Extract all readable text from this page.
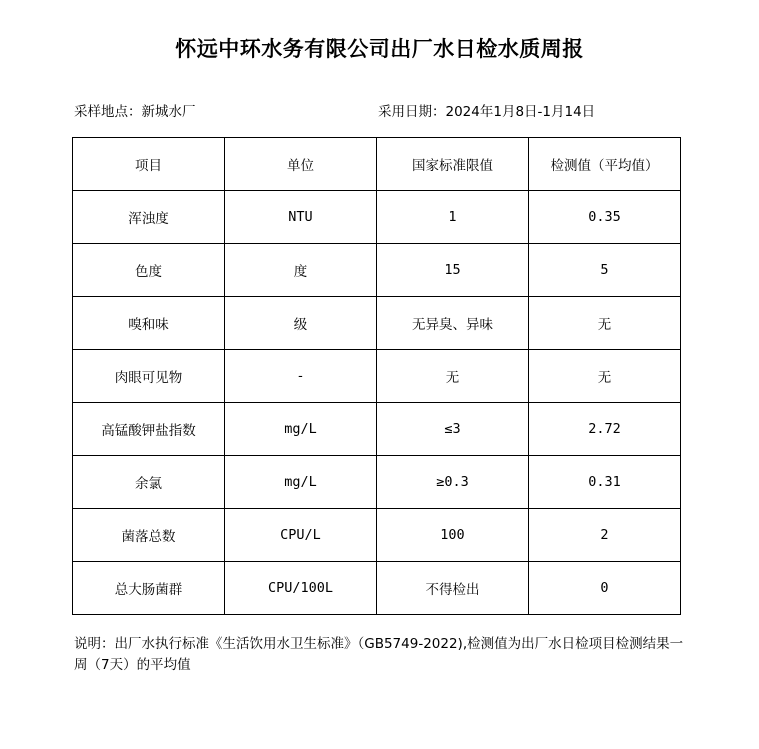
怀远中环水务有限公司出厂水日检水质周报
采样地点：新城水厂	采用日期：2024年1月8日-1月14日
项目	单位	国家标准限值	检测值（平均值）
浑浊度	NTU	1	0.35
色度	度	15	5
嗅和味	级	无异臭、异味	无
肉眼可见物	-	无	无
高锰酸钾盐指数	mg/L	≤3	2.72
余氯	mg/L	≥0.3	0.31
菌落总数	CPU/L	100	2
总大肠菌群	CPU/100L	不得检出	0
说明：出厂水执行标准《生活饮用水卫生标准》（GB5749-2022),检测值为出厂水日检项目检测结果一周（7天）的平均值
